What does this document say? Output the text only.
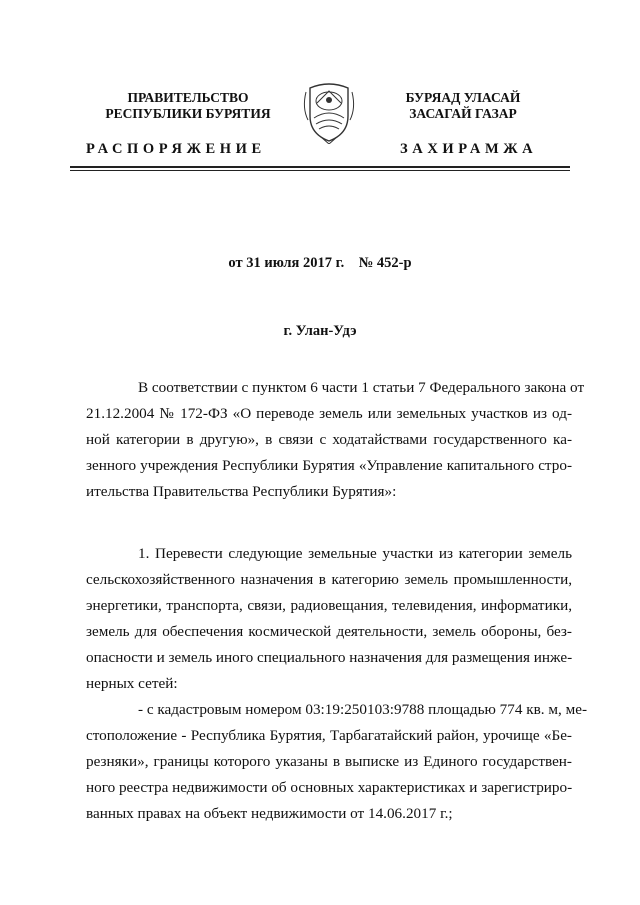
ПРАВИТЕЛЬСТВО
РЕСПУБЛИКИ БУРЯТИЯ
БУРЯАД УЛАСАЙ
ЗАСАГАЙ ГАЗАР
РАСПОРЯЖЕНИЕ	ЗАХИРАМЖА
от 31 июля 2017 г.    № 452-р
г. Улан-Удэ
В соответствии с пунктом 6 части 1 статьи 7 Федерального закона от
21.12.2004 № 172-ФЗ «О переводе земель или земельных участков из од-
ной категории в другую», в связи с ходатайствами государственного ка-
зенного учреждения Республики Бурятия «Управление капитального стро-
ительства Правительства Республики Бурятия»:
1. Перевести следующие земельные участки из категории земель
сельскохозяйственного назначения в категорию земель промышленности,
энергетики, транспорта, связи, радиовещания, телевидения, информатики,
земель для обеспечения космической деятельности, земель обороны, без-
опасности и земель иного специального назначения для размещения инже-
нерных сетей:
- с кадастровым номером 03:19:250103:9788 площадью 774 кв. м, ме-
стоположение - Республика Бурятия, Тарбагатайский район, урочище «Бе-
резняки», границы которого указаны в выписке из Единого государствен-
ного реестра недвижимости об основных характеристиках и зарегистриро-
ванных правах на объект недвижимости от 14.06.2017 г.;
